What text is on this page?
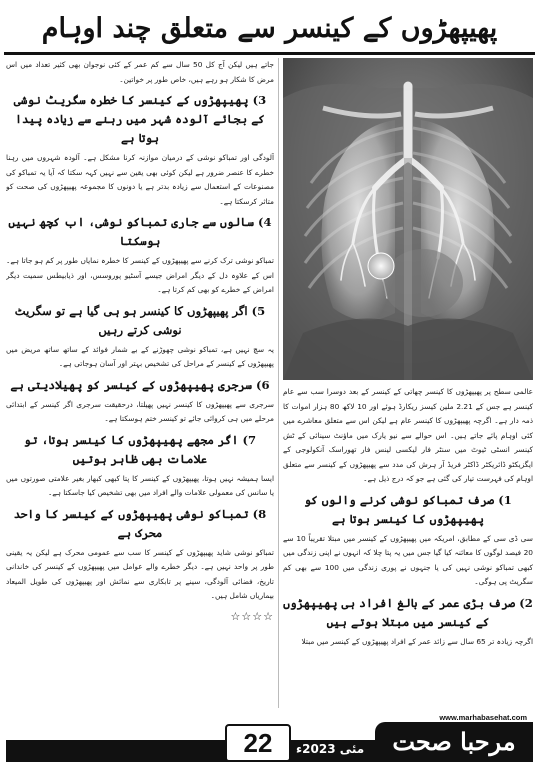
پھیپھڑوں کے کینسر سے متعلق چند اوہام
جاتے ہیں لیکن آج کل 50 سال سے کم عمر کے کئی نوجوان بھی کثیر تعداد میں اس مرض کا شکار ہو رہے ہیں، خاص طور پر خواتین۔
3) پھیپھڑوں کے کینسر کا خطرہ سگریٹ نوشی کے بجائے آلودہ شہر میں رہنے سے زیادہ پیدا ہوتا ہے
آلودگی اور تمباکو نوشی کے درمیان موازنہ کرنا مشکل ہے۔ آلودہ شہروں میں رہنا خطرے کا عنصر ضرور ہے لیکن کوئی بھی یقین سے نہیں کہہ سکتا کہ آیا یہ تمباکو کی مصنوعات کے استعمال سے زیادہ بدتر ہے یا دونوں کا مجموعہ پھیپھڑوں کی صحت کو متاثر کرسکتا ہے۔
4) سالوں سے جاری تمباکو نوشی، اب کچھ نہیں ہوسکتا
تمباکو نوشی ترک کرنے سے پھیپھڑوں کے کینسر کا خطرہ نمایاں طور پر کم ہو جاتا ہے۔ اس کے علاوہ دل کے دیگر امراض جیسے آسٹیو پوروسس، اور ذیابیطس سمیت دیگر امراض کے خطرے کو بھی کم کرتا ہے۔
5) اگر پھیپھڑوں کا کینسر ہو ہی گیا ہے تو سگریٹ نوشی کرتے رہیں
یہ سچ نہیں ہے، تمباکو نوشی چھوڑنے کے بے شمار فوائد کے ساتھ ساتھ مریض میں پھیپھڑوں کے کینسر کے مراحل کی تشخیص بہتر اور آسان ہوجاتی ہے۔
6) سرجری پھیپھڑوں کے کینسر کو پھیلادیتی ہے
سرجری سے پھیپھڑوں کا کینسر نہیں پھیلتا، درحقیقت سرجری اگر کینسر کے ابتدائی مرحلے میں ہی کروائی جائے تو کینسر ختم ہوسکتا ہے۔
7) اگر مجھے پھیپھڑوں کا کینسر ہوتا، تو علامات بھی ظاہر ہوتیں
ایسا ہمیشہ نہیں ہوتا، پھیپھڑوں کے کینسر کا پتا کبھی کبھار بغیر علامتی صورتوں میں یا سانس کی معمولی علامات والے افراد میں بھی تشخیص کیا جاسکتا ہے۔
8) تمباکو نوشی پھیپھڑوں کے کینسر کا واحد محرک ہے
تمباکو نوشی شاید پھیپھڑوں کے کینسر کا سب سے عمومی محرک ہے لیکن یہ یقینی طور پر واحد نہیں ہے۔ دیگر خطرے والے عوامل میں پھیپھڑوں کے کینسر کی خاندانی تاریخ، فضائی آلودگی، سینے پر تابکاری سے نمائش اور پھیپھڑوں کی طویل المیعاد بیماریاں شامل ہیں۔
☆☆☆☆
عالمی سطح پر پھیپھڑوں کا کینسر چھاتی کے کینسر کے بعد دوسرا سب سے عام کینسر ہے جس کے 2.21 ملین کیسز ریکارڈ ہوئے اور 10 لاکھ 80 ہزار اموات کا ذمہ دار ہے۔ اگرچہ پھیپھڑوں کا کینسر عام ہے لیکن اس سے متعلق معاشرے میں کئی اوہام پائے جاتے ہیں۔ اس حوالے سے نیو یارک میں ماؤنٹ سینائی کے ٹش کینسر انسٹی ٹیوٹ میں سنٹر فار لیکسی لینس فار تھوراسک آنکولوجی کے ایگزیکٹو ڈائریکٹر ڈاکٹر فریڈ آر ہرش کی مدد سے پھیپھڑوں کے کینسر سے متعلق اوہام کی فہرست تیار کی گئی ہے جو کہ درج ذیل ہے۔
1) صرف تمباکو نوشی کرنے والوں کو پھیپھڑوں کا کینسر ہوتا ہے
سی ڈی سی کے مطابق، امریکہ میں پھیپھڑوں کے کینسر میں مبتلا تقریباً 10 سے 20 فیصد لوگوں کا معائنہ کیا گیا جس میں یہ پتا چلا کہ انہوں نے اپنی زندگی میں کبھی تمباکو نوشی نہیں کی یا جنہوں نے پوری زندگی میں 100 سے بھی کم سگریٹ پی ہوگی۔
2) صرف بڑی عمر کے بالغ افراد ہی پھیپھڑوں کے کینسر میں مبتلا ہوتے ہیں
اگرچہ زیادہ تر 65 سال سے زائد عمر کے افراد پھیپھڑوں کے کینسر میں مبتلا
www.marhabasehat.com
مرحبا صحت
مئی 2023ء
22
